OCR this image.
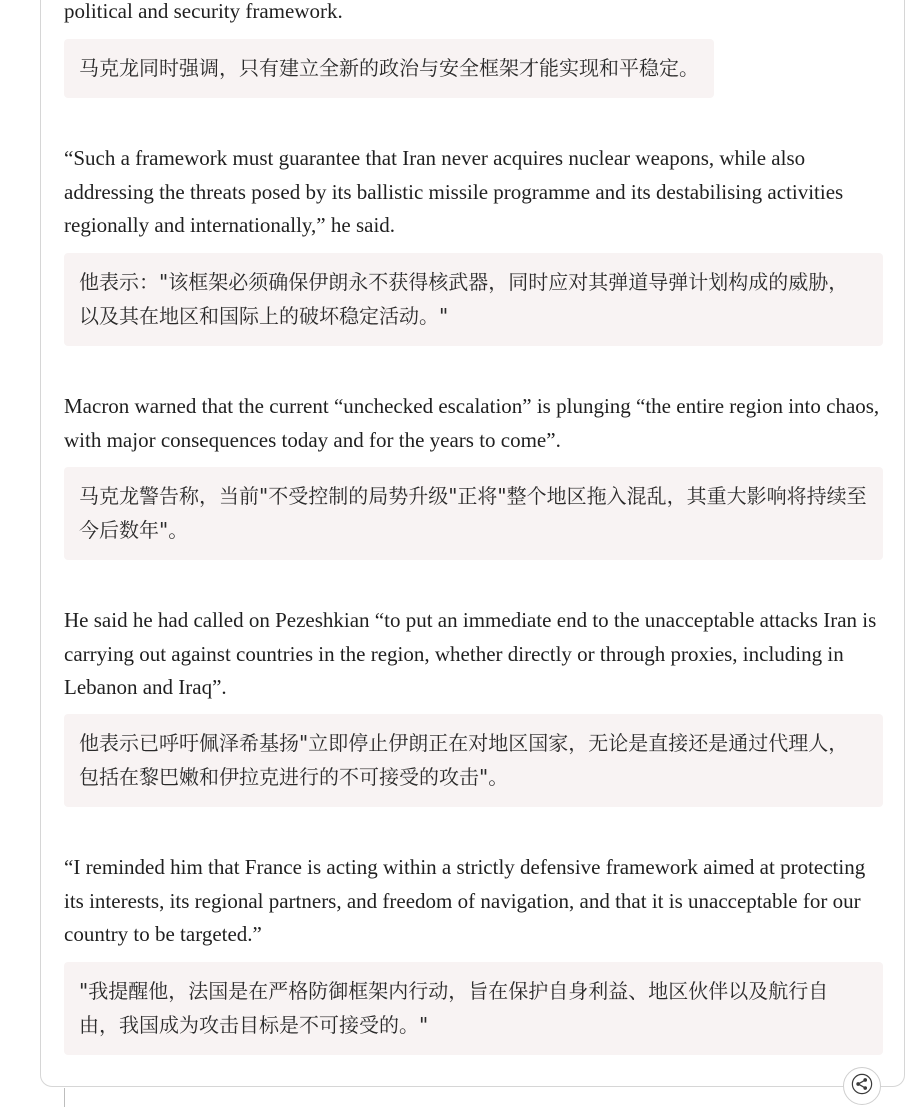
political and security framework.

马克龙同时强调，只有建立全新的政治与安全框架才能实现和平稳定。

“Such a framework must guarantee that Iran never acquires nuclear weapons, while also addressing the threats posed by its ballistic missile programme and its destabilising activities regionally and internationally,” he said.

他表示："该框架必须确保伊朗永不获得核武器，同时应对其弹道导弹计划构成的威胁，以及其在地区和国际上的破坏稳定活动。"

Macron warned that the current “unchecked escalation” is plunging “the entire region into chaos, with major consequences today and for the years to come”.

马克龙警告称，当前"不受控制的局势升级"正将"整个地区拖入混乱，其重大影响将持续至今后数年"。

He said he had called on Pezeshkian “to put an immediate end to the unacceptable attacks Iran is carrying out against countries in the region, whether directly or through proxies, including in Lebanon and Iraq”.

他表示已呼吁佩泽希基扬"立即停止伊朗正在对地区国家，无论是直接还是通过代理人，包括在黎巴嫩和伊拉克进行的不可接受的攻击"。

“I reminded him that France is acting within a strictly defensive framework aimed at protecting its interests, its regional partners, and freedom of navigation, and that it is unacceptable for our country to be targeted.”

"我提醒他，法国是在严格防御框架内行动，旨在保护自身利益、地区伙伴以及航行自由，我国成为攻击目标是不可接受的。"
